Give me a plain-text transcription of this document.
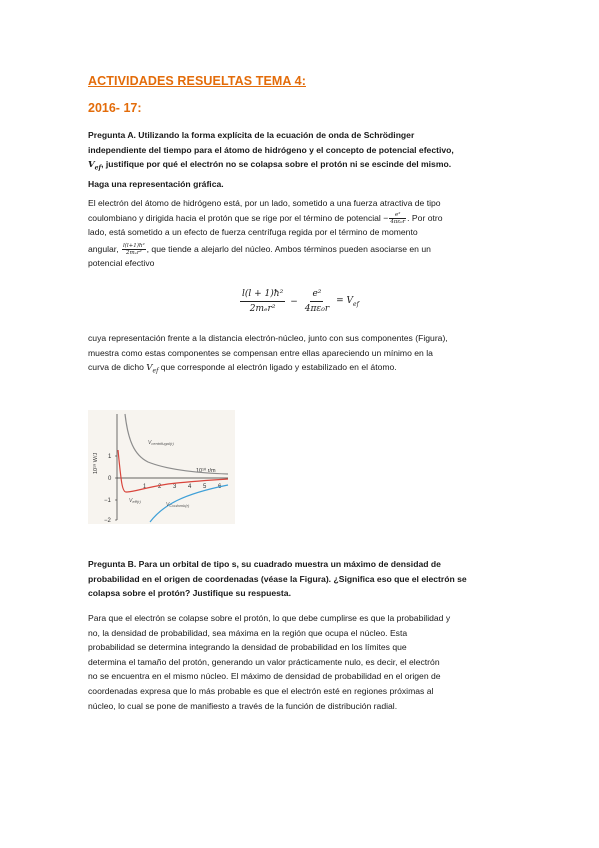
ACTIVIDADES RESUELTAS TEMA 4:
2016- 17:
Pregunta A. Utilizando la forma explícita de la ecuación de onda de Schrödinger
independiente del tiempo para el átomo de hidrógeno y el concepto de potencial efectivo,
$V_{ef}$, justifique por qué el electrón no se colapsa sobre el protón ni se escinde del mismo.
Haga una representación gráfica.
El electrón del átomo de hidrógeno está, por un lado, sometido a una fuerza atractiva de tipo
coulombiano y dirigida hacia el protón que se rige por el término de potencial − $\frac{\text{e²}}{\text{4πε₀r}}$ . Por otro
lado, está sometido a un efecto de fuerza centrífuga regida por el término de momento
angular, $\frac{\text{l(l+1)ħ²}}{\text{2mₑr²}}$ , que tiende a alejarlo del núcleo. Ambos términos pueden asociarse en un
potencial efectivo
$\frac{\text{l(l + 1)ħ²}}{\text{2mₑr²}} - \frac{\text{e²}}{\text{4πε₀r}} = V_{ef}$
cuya representación frente a la distancia electrón-núcleo, junto con sus componentes (Figura),
muestra como estas componentes se compensan entre ellas apareciendo un mínimo en la
curva de dicho $V_{ef}$ que corresponde al electrón ligado y estabilizado en el átomo.
1
0
−1
−2
1 2 3 4 5 6
10¹⁸ W/J	10¹⁰ r/m
$V_{centrifugal(r)}$
$V_{eff(r)}$
$V_{Coulomb(r)}$
Pregunta B. Para un orbital de tipo s, su cuadrado muestra un máximo de densidad de
probabilidad en el origen de coordenadas (véase la Figura). ¿Significa eso que el electrón se
colapsa sobre el protón? Justifique su respuesta.
Para que el electrón se colapse sobre el protón, lo que debe cumplirse es que la probabilidad y
no, la densidad de probabilidad, sea máxima en la región que ocupa el núcleo. Esta
probabilidad se determina integrando la densidad de probabilidad en los límites que
determina el tamaño del protón, generando un valor prácticamente nulo, es decir, el electrón
no se encuentra en el mismo núcleo. El máximo de densidad de probabilidad en el origen de
coordenadas expresa que lo más probable es que el electrón esté en regiones próximas al
núcleo, lo cual se pone de manifiesto a través de la función de distribución radial.
